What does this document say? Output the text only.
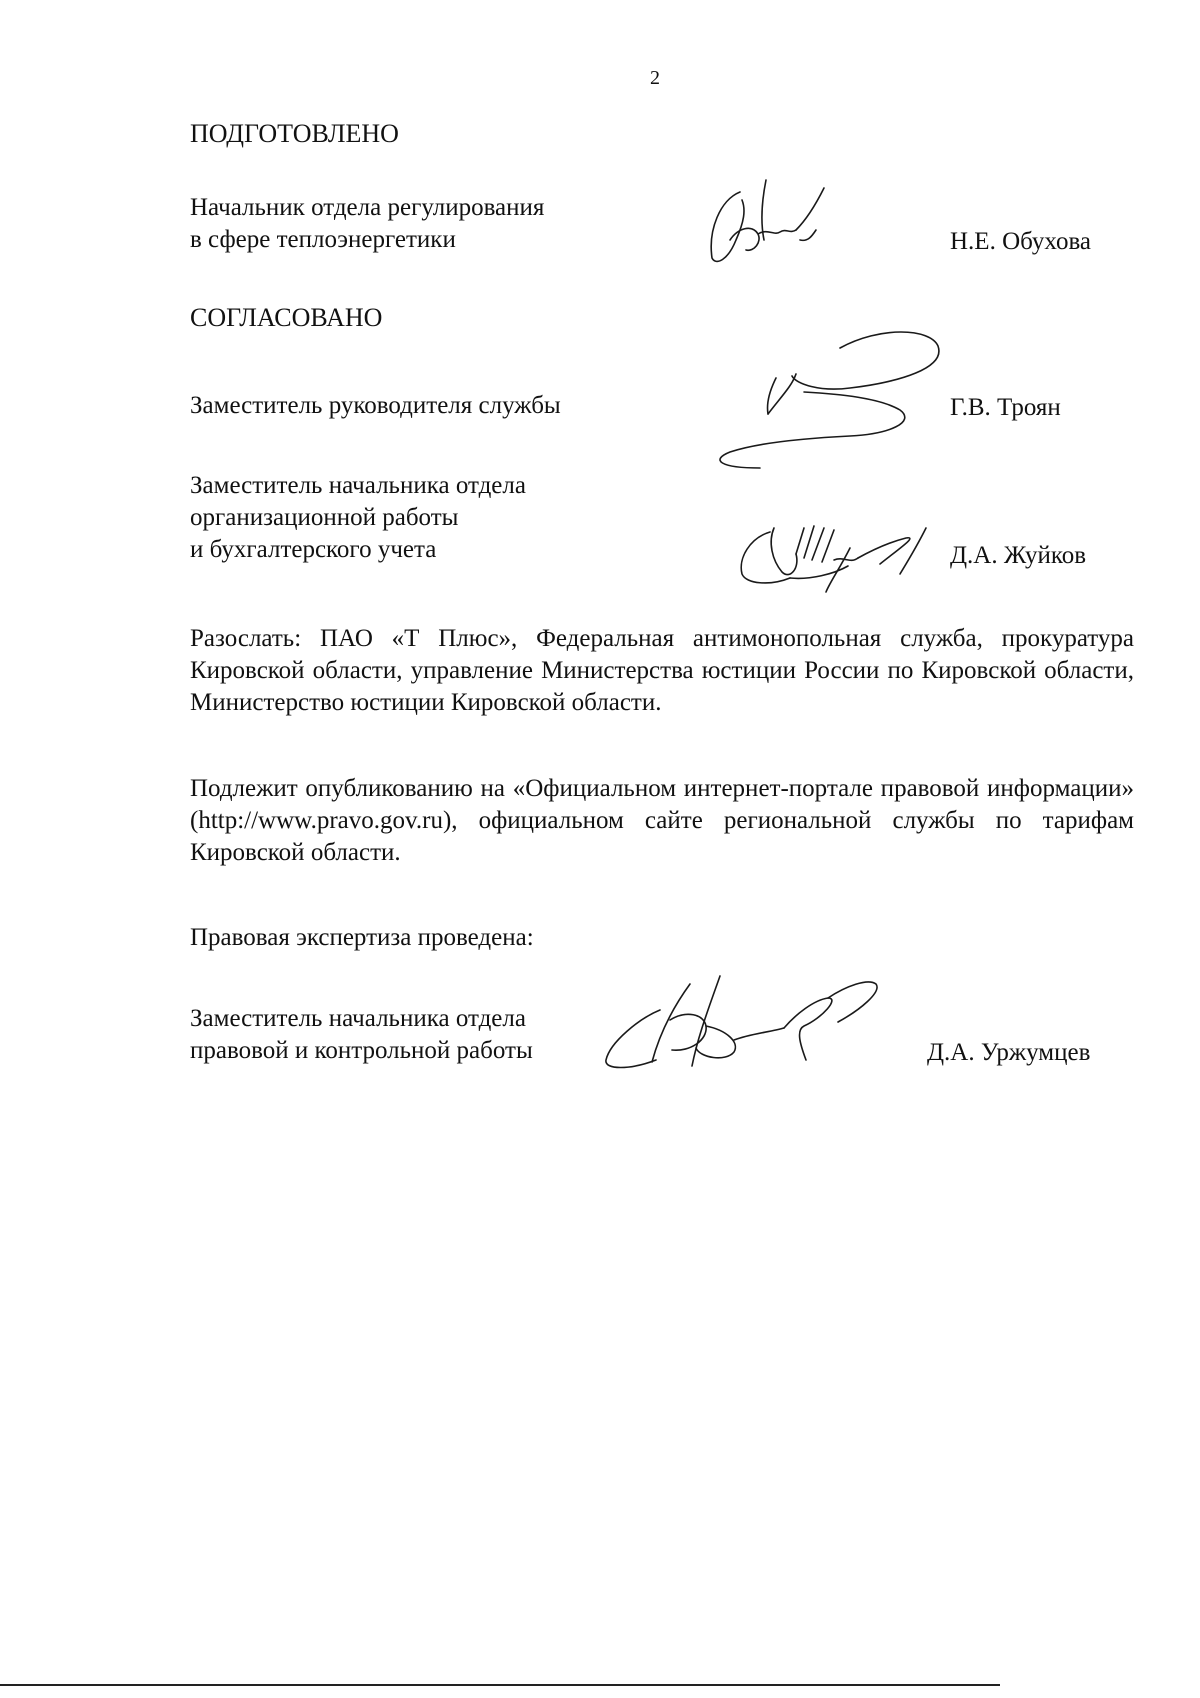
2
ПОДГОТОВЛЕНО
Начальник отдела регулирования
в сфере теплоэнергетики	Н.Е. Обухова
СОГЛАСОВАНО
Заместитель руководителя службы	Г.В. Троян
Заместитель начальника отдела
организационной работы
и бухгалтерского учета	Д.А. Жуйков
Разослать: ПАО «Т Плюс», Федеральная антимонопольная служба, прокуратура Кировской области, управление Министерства юстиции России по Кировской области, Министерство юстиции Кировской области.
Подлежит опубликованию на «Официальном интернет-портале правовой информации» (http://www.pravo.gov.ru), официальном сайте региональной службы по тарифам Кировской области.
Правовая экспертиза проведена:
Заместитель начальника отдела
правовой и контрольной работы	Д.А. Уржумцев
